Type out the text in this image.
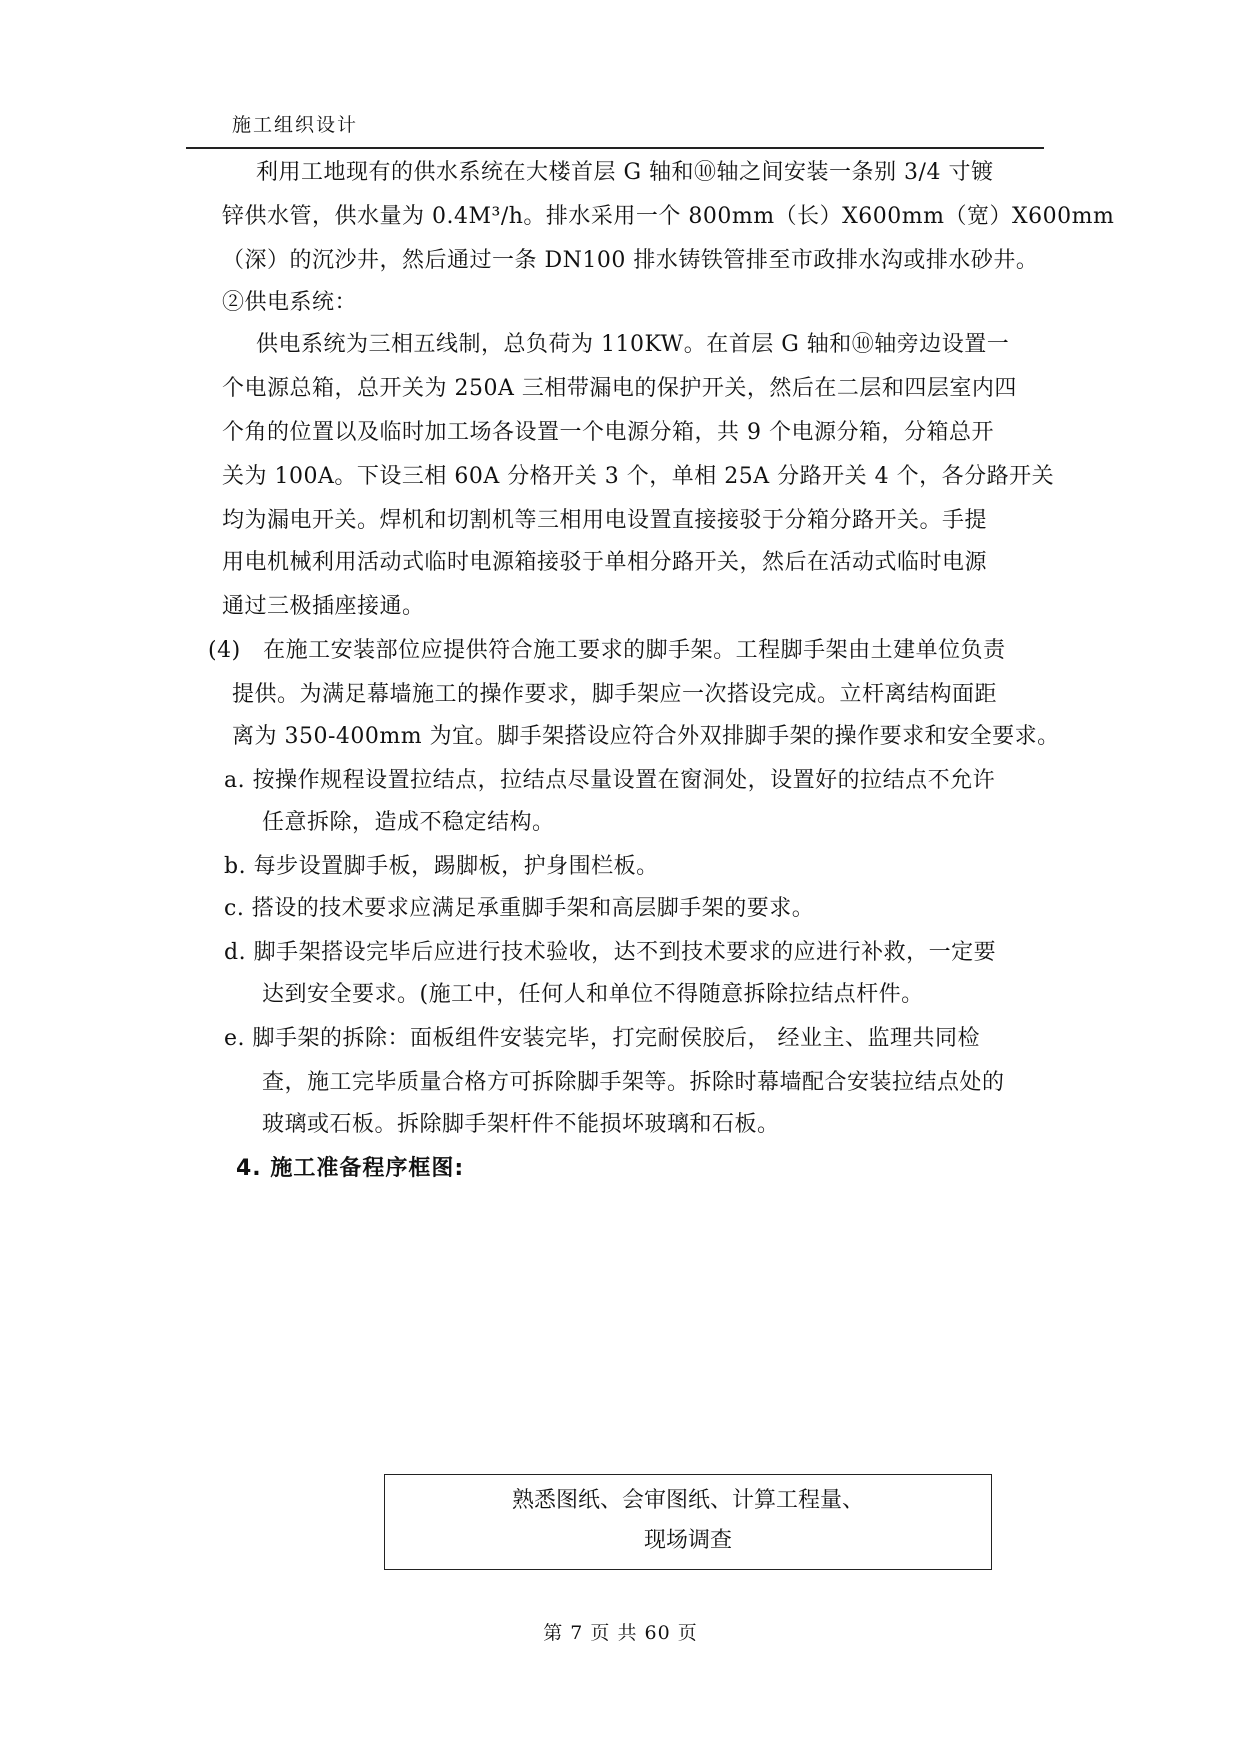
施工组织设计
利用工地现有的供水系统在大楼首层 G 轴和⑩轴之间安装一条别 3/4 寸镀
锌供水管，供水量为 0.4M³/h。排水采用一个 800mm（长）X600mm（宽）X600mm
（深）的沉沙井，然后通过一条 DN100 排水铸铁管排至市政排水沟或排水砂井。
②供电系统：
供电系统为三相五线制，总负荷为 110KW。在首层 G 轴和⑩轴旁边设置一
个电源总箱，总开关为 250A 三相带漏电的保护开关，然后在二层和四层室内四
个角的位置以及临时加工场各设置一个电源分箱，共 9 个电源分箱，分箱总开
关为 100A。下设三相 60A 分格开关 3 个，单相 25A 分路开关 4 个，各分路开关
均为漏电开关。焊机和切割机等三相用电设置直接接驳于分箱分路开关。手提
用电机械利用活动式临时电源箱接驳于单相分路开关，然后在活动式临时电源
通过三极插座接通。
(4)　在施工安装部位应提供符合施工要求的脚手架。工程脚手架由土建单位负责
提供。为满足幕墙施工的操作要求，脚手架应一次搭设完成。立杆离结构面距
离为 350-400mm 为宜。脚手架搭设应符合外双排脚手架的操作要求和安全要求。
a. 按操作规程设置拉结点，拉结点尽量设置在窗洞处，设置好的拉结点不允许
任意拆除，造成不稳定结构。
b. 每步设置脚手板，踢脚板，护身围栏板。
c. 搭设的技术要求应满足承重脚手架和高层脚手架的要求。
d. 脚手架搭设完毕后应进行技术验收，达不到技术要求的应进行补救，一定要
达到安全要求。(施工中，任何人和单位不得随意拆除拉结点杆件。
e. 脚手架的拆除：面板组件安装完毕，打完耐侯胶后， 经业主、监理共同检
查，施工完毕质量合格方可拆除脚手架等。拆除时幕墙配合安装拉结点处的
玻璃或石板。拆除脚手架杆件不能损坏玻璃和石板。
4. 施工准备程序框图:
熟悉图纸、会审图纸、计算工程量、
现场调查
第 7 页 共 60 页
